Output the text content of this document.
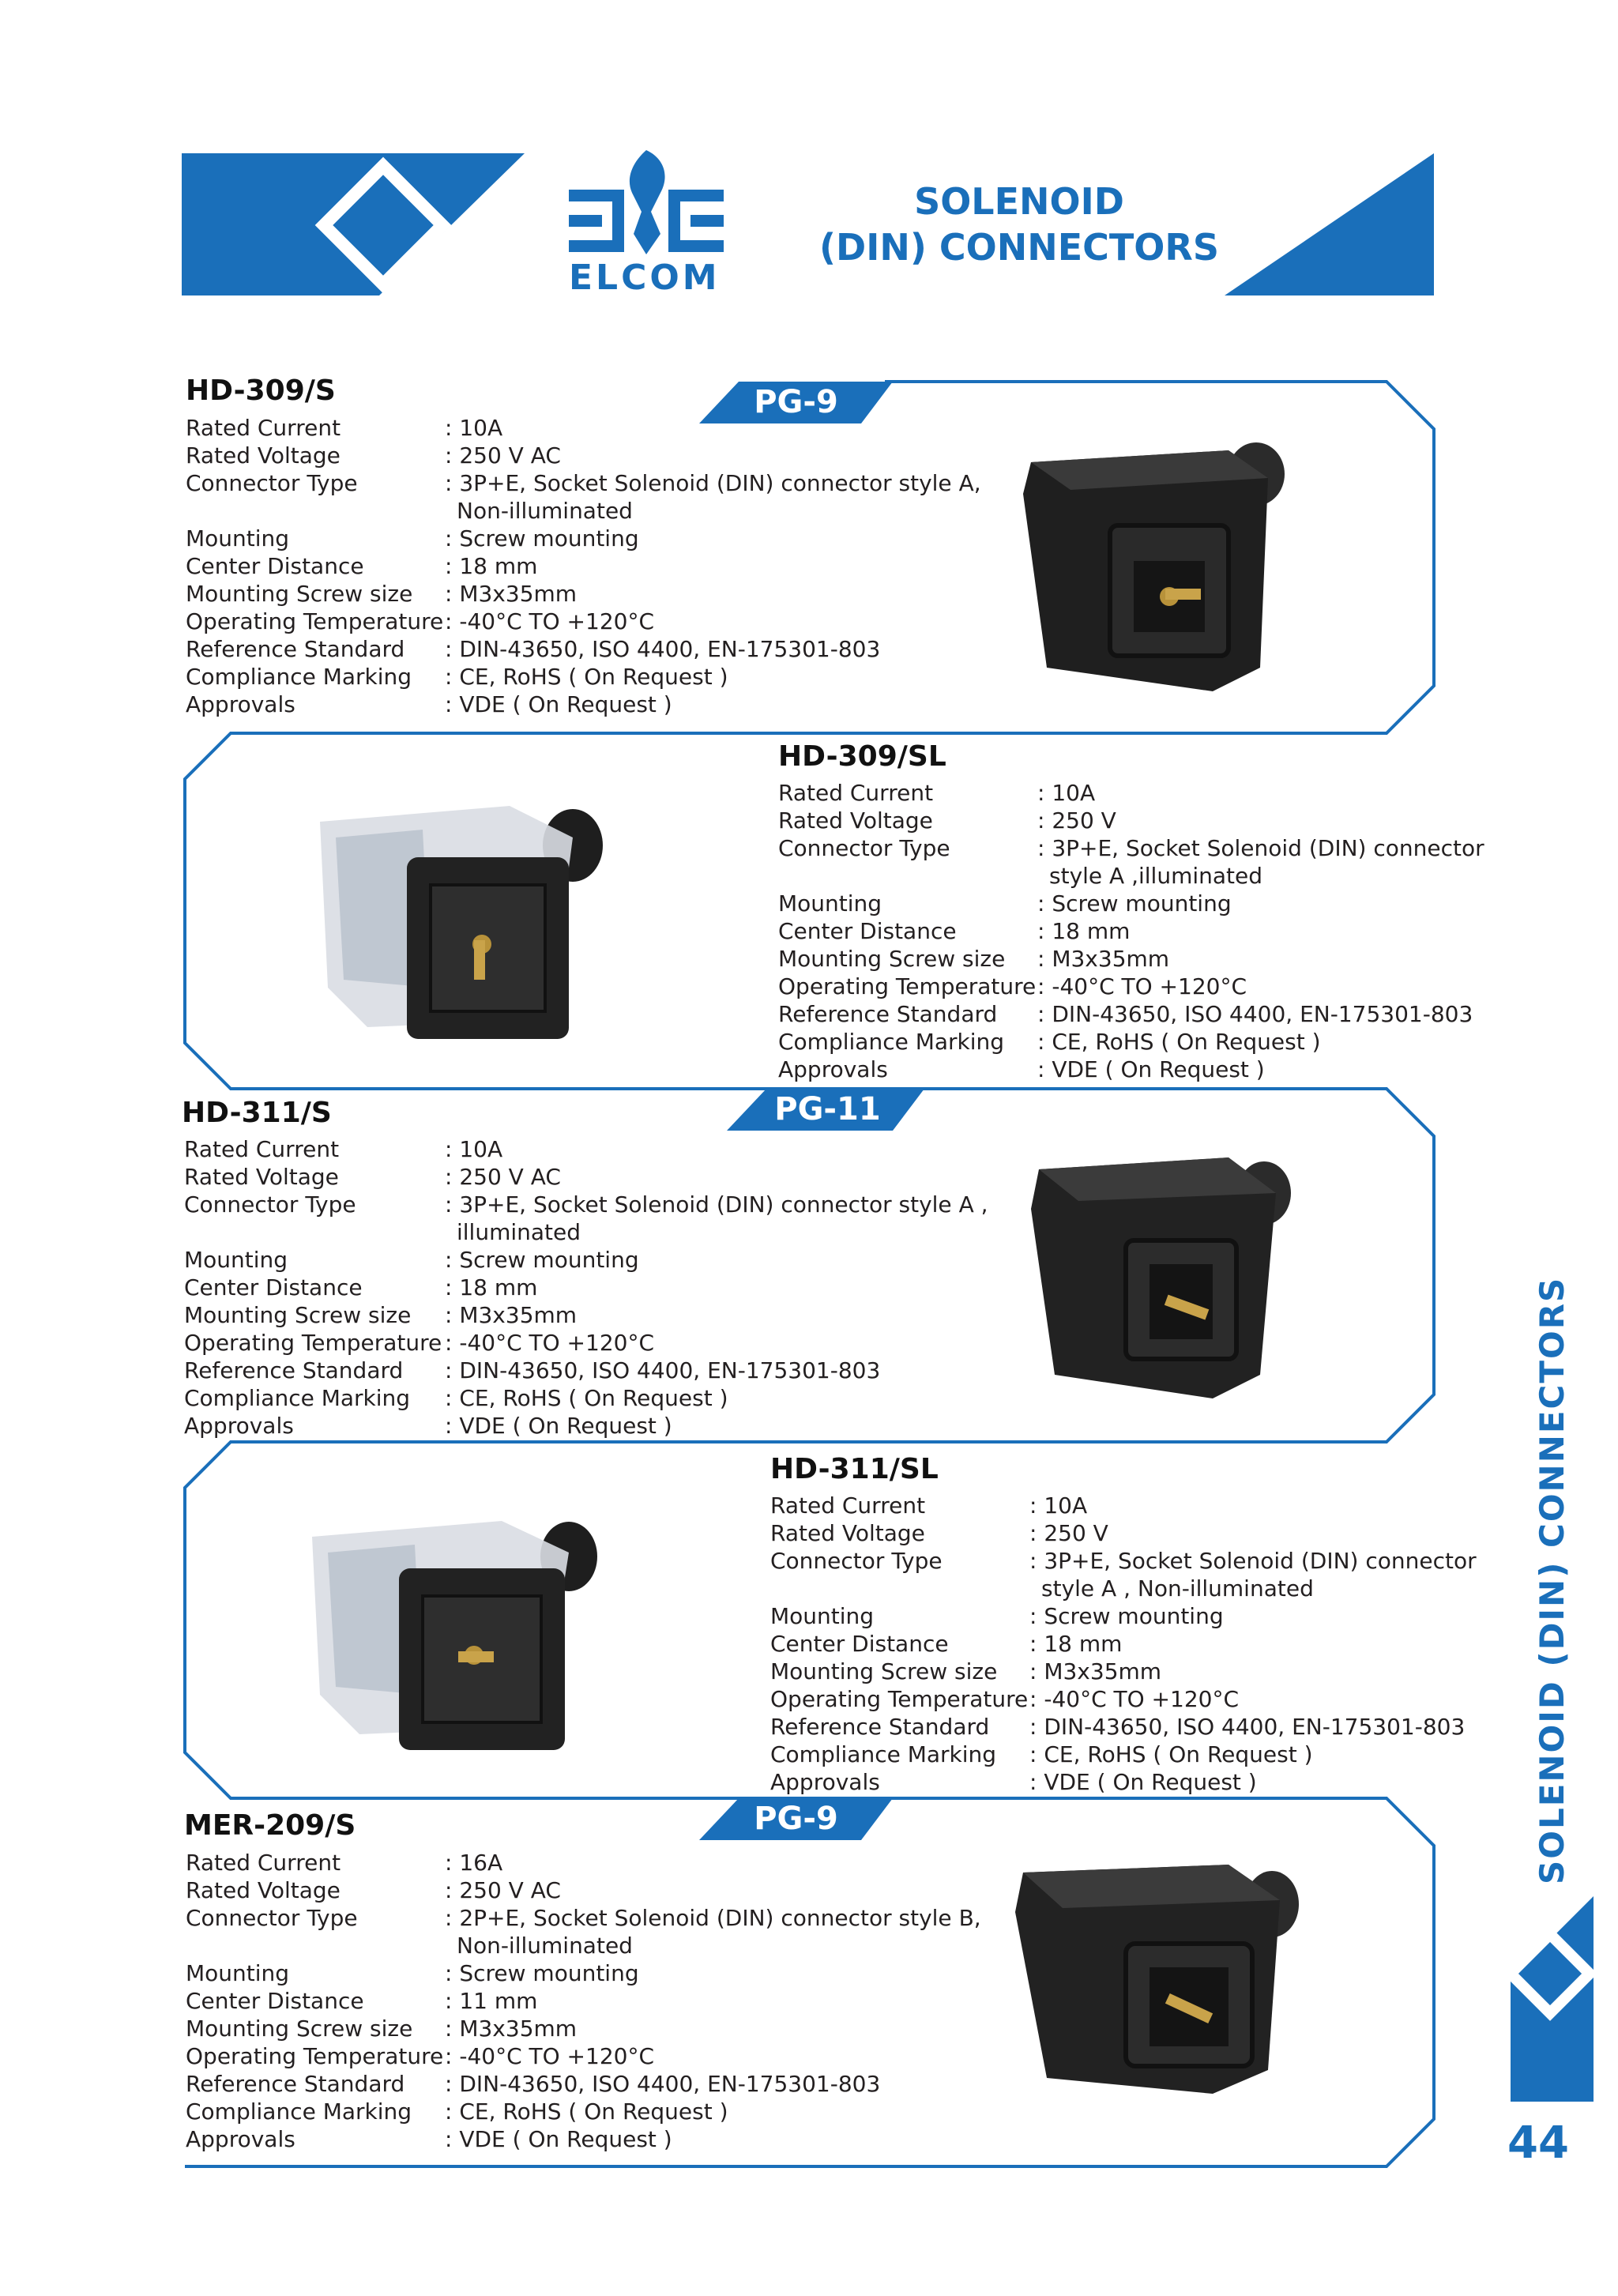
ELCOM
SOLENOID
(DIN) CONNECTORS
PG-9
PG-11
PG-9
HD-309/S
Rated Current	: 10A
Rated Voltage	: 250 V AC
Connector Type	: 3P+E, Socket Solenoid (DIN) connector style A,
Non-illuminated
Mounting	: Screw mounting
Center Distance	: 18 mm
Mounting Screw size : M3x35mm
Operating Temperature : -40°C TO +120°C
Reference Standard : DIN-43650, ISO 4400, EN-175301-803
Compliance Marking : CE, RoHS ( On Request )
Approvals	: VDE ( On Request )
HD-309/SL
Rated Current	: 10A
Rated Voltage	: 250 V
Connector Type	: 3P+E, Socket Solenoid (DIN) connector
style A ,illuminated
Mounting	: Screw mounting
Center Distance	: 18 mm
Mounting Screw size : M3x35mm
Operating Temperature : -40°C TO +120°C
Reference Standard : DIN-43650, ISO 4400, EN-175301-803
Compliance Marking : CE, RoHS ( On Request )
Approvals	: VDE ( On Request )
HD-311/S
Rated Current	: 10A
Rated Voltage	: 250 V AC
Connector Type	: 3P+E, Socket Solenoid (DIN) connector style A ,
illuminated
Mounting	: Screw mounting
Center Distance	: 18 mm
Mounting Screw size : M3x35mm
Operating Temperature : -40°C TO +120°C
Reference Standard : DIN-43650, ISO 4400, EN-175301-803
Compliance Marking : CE, RoHS ( On Request )
Approvals	: VDE ( On Request )
HD-311/SL
Rated Current	: 10A
Rated Voltage	: 250 V
Connector Type	: 3P+E, Socket Solenoid (DIN) connector
style A , Non-illuminated
Mounting	: Screw mounting
Center Distance	: 18 mm
Mounting Screw size : M3x35mm
Operating Temperature : -40°C TO +120°C
Reference Standard : DIN-43650, ISO 4400, EN-175301-803
Compliance Marking : CE, RoHS ( On Request )
Approvals	: VDE ( On Request )
MER-209/S
Rated Current	: 16A
Rated Voltage	: 250 V AC
Connector Type	: 2P+E, Socket Solenoid (DIN) connector style B,
Non-illuminated
Mounting	: Screw mounting
Center Distance	: 11 mm
Mounting Screw size : M3x35mm
Operating Temperature : -40°C TO +120°C
Reference Standard : DIN-43650, ISO 4400, EN-175301-803
Compliance Marking : CE, RoHS ( On Request )
Approvals	: VDE ( On Request )
SOLENOID (DIN) CONNECTORS
44
